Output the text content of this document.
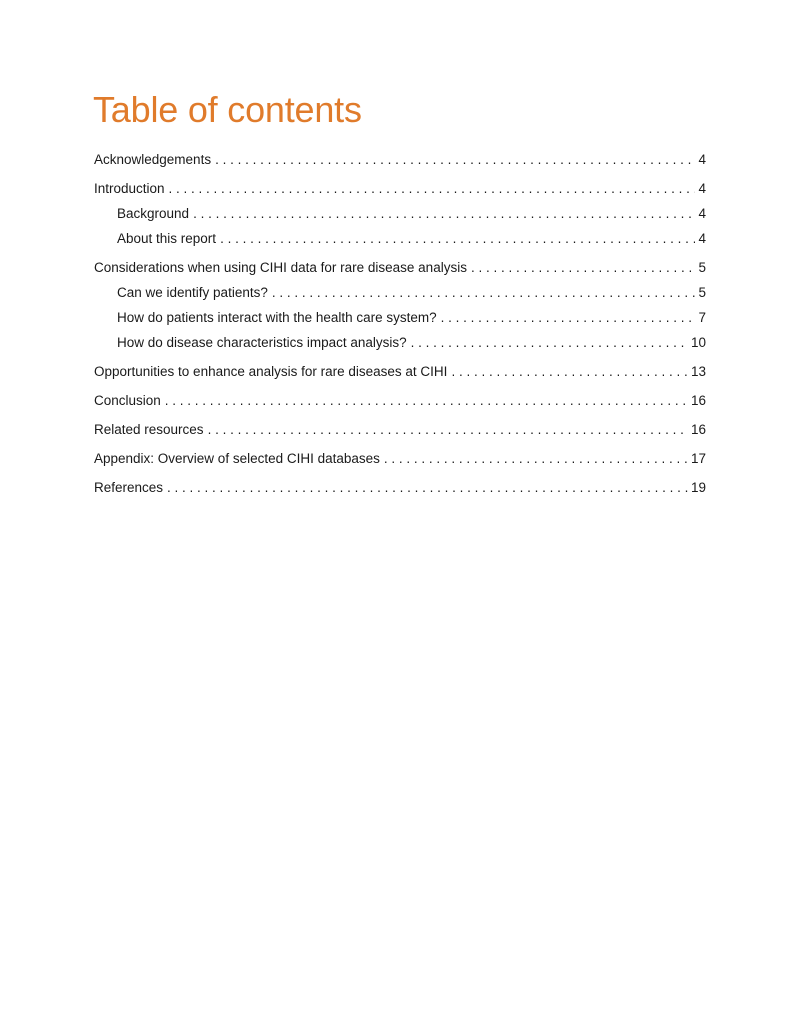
Table of contents
Acknowledgements . . .	4
Introduction . . .	4
Background . . .	4
About this report . . .	4
Considerations when using CIHI data for rare disease analysis . . .	5
Can we identify patients? . . .	5
How do patients interact with the health care system? . . .	7
How do disease characteristics impact analysis? . . .	10
Opportunities to enhance analysis for rare diseases at CIHI . . .	13
Conclusion . . .	16
Related resources . . .	16
Appendix: Overview of selected CIHI databases . . .	17
References . . .	19
